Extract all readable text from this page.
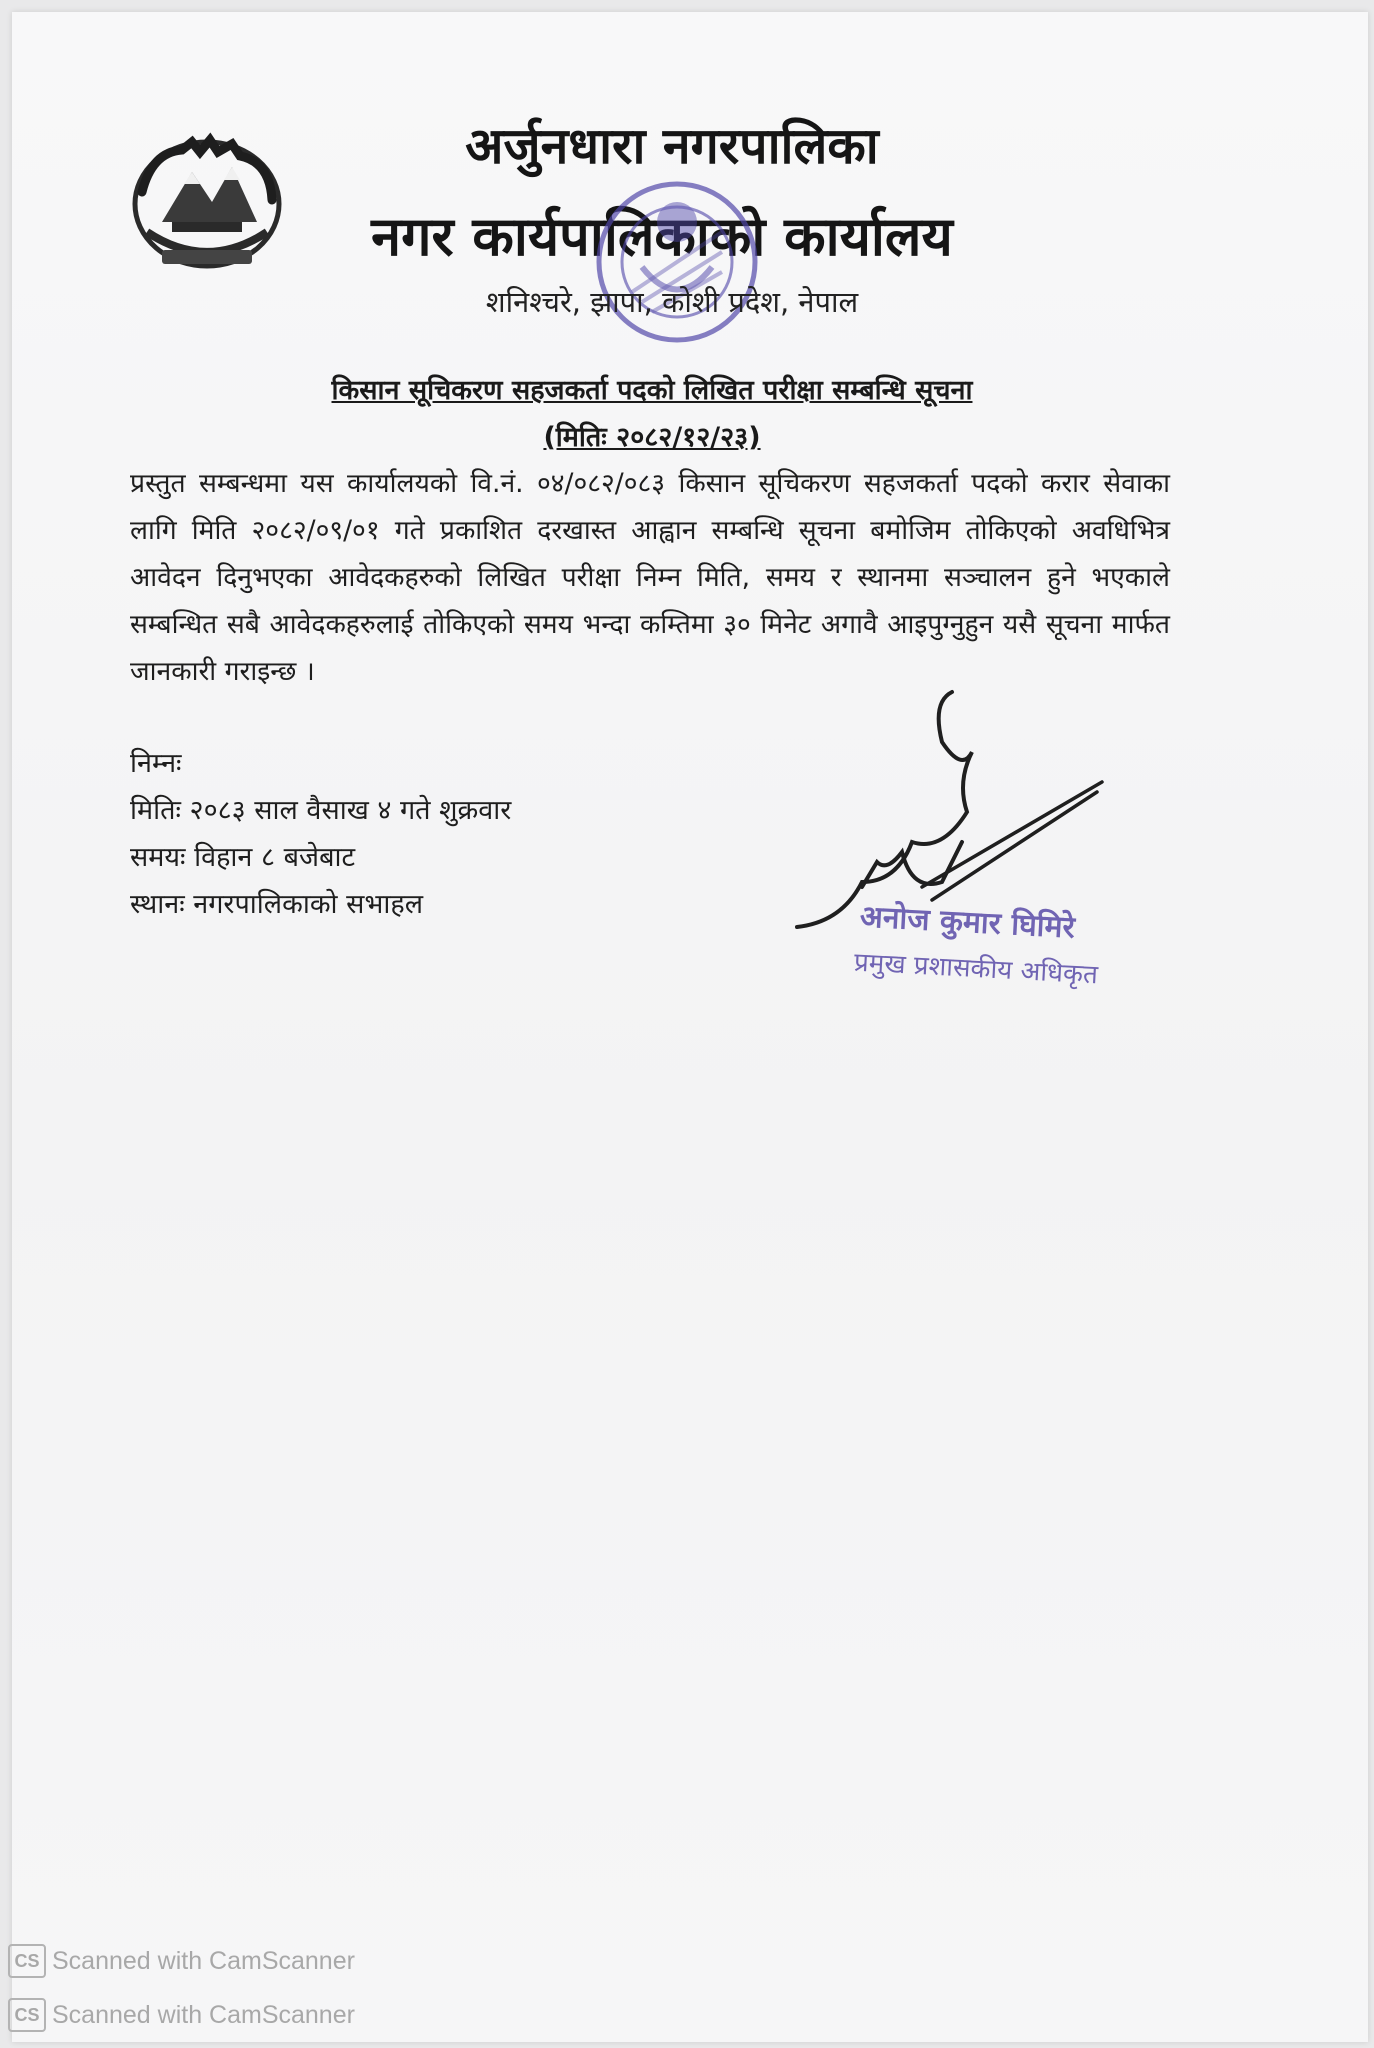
अर्जुनधारा नगरपालिका
नगर कार्यपालिकाको कार्यालय
शनिश्चरे, झापा, कोशी प्रदेश, नेपाल
किसान सूचिकरण सहजकर्ता पदको लिखित परीक्षा सम्बन्धि सूचना
(मितिः २०८२/१२/२३)
प्रस्तुत सम्बन्धमा यस कार्यालयको वि.नं. ०४/०८२/०८३ किसान सूचिकरण सहजकर्ता पदको करार सेवाका लागि मिति २०८२/०९/०१ गते प्रकाशित दरखास्त आह्वान सम्बन्धि सूचना बमोजिम तोकिएको अवधिभित्र आवेदन दिनुभएका आवेदकहरुको लिखित परीक्षा निम्न मिति, समय र स्थानमा सञ्चालन हुने भएकाले सम्बन्धित सबै आवेदकहरुलाई तोकिएको समय भन्दा कम्तिमा ३० मिनेट अगावै आइपुग्नुहुन यसै सूचना मार्फत जानकारी गराइन्छ ।
निम्नः
मितिः २०८३ साल वैसाख ४ गते शुक्रवार
समयः विहान ८ बजेबाट
स्थानः नगरपालिकाको सभाहल	अनोज कुमार घिमिरे
प्रमुख प्रशासकीय अधिकृत
CS Scanned with CamScanner
CS Scanned with CamScanner
